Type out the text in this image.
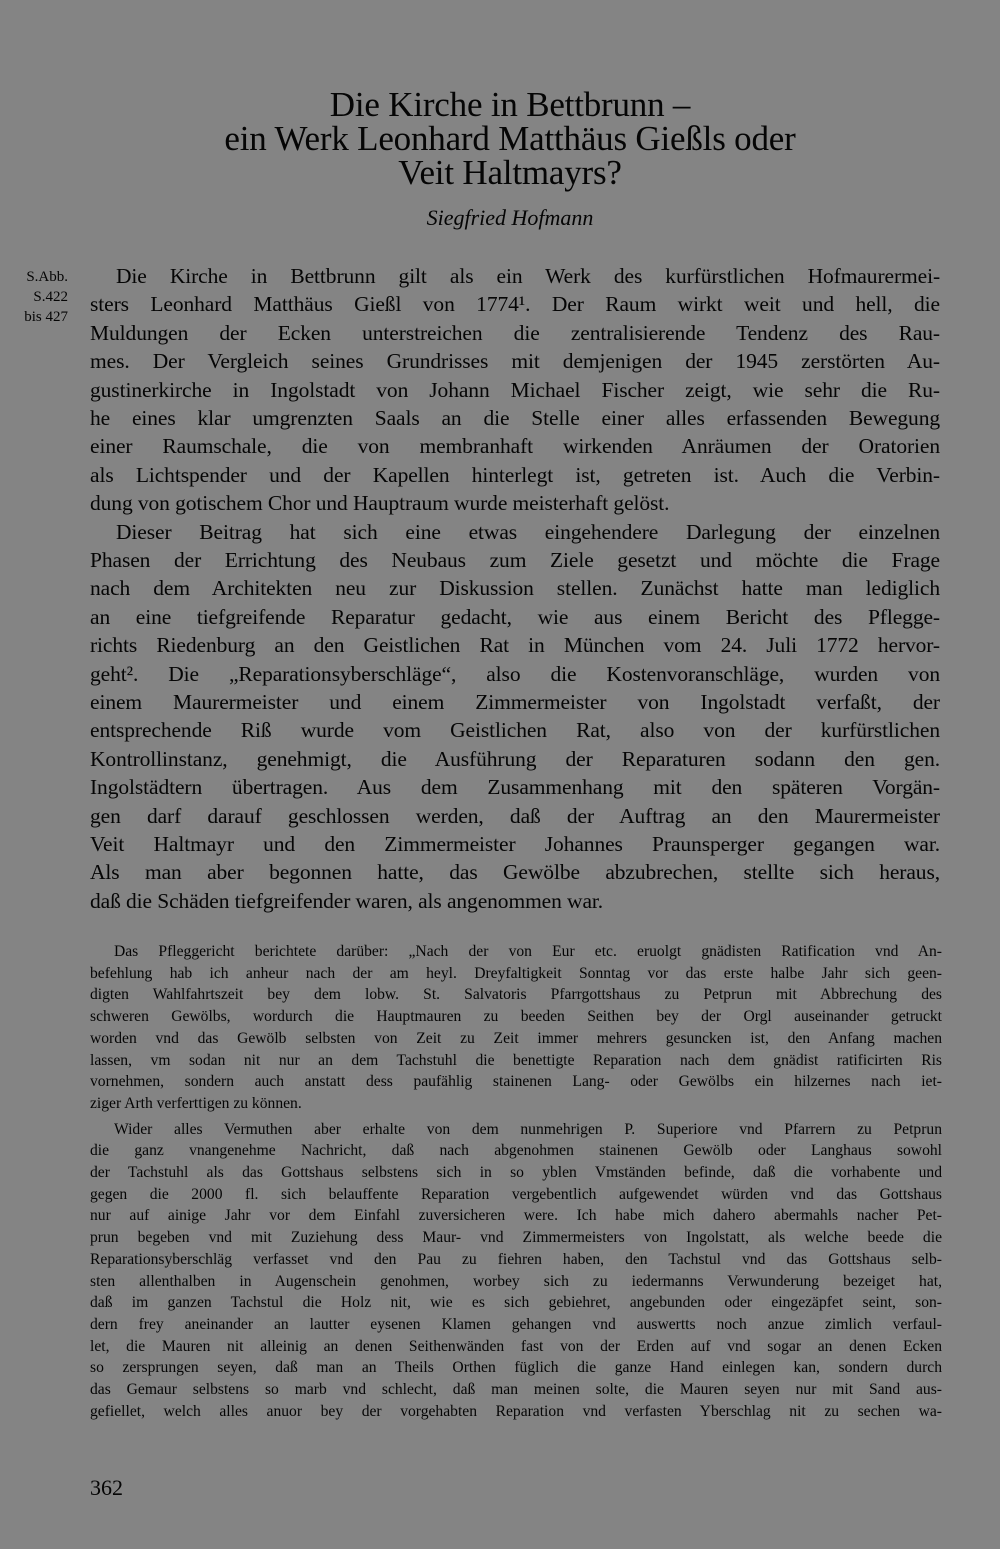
Die Kirche in Bettbrunn –
ein Werk Leonhard Matthäus Gießls oder
Veit Haltmayrs?
Siegfried Hofmann
S.Abb.
S.422
bis 427
Die Kirche in Bettbrunn gilt als ein Werk des kurfürstlichen Hofmaurermei-
sters Leonhard Matthäus Gießl von 1774¹. Der Raum wirkt weit und hell, die
Muldungen der Ecken unterstreichen die zentralisierende Tendenz des Rau-
mes. Der Vergleich seines Grundrisses mit demjenigen der 1945 zerstörten Au-
gustinerkirche in Ingolstadt von Johann Michael Fischer zeigt, wie sehr die Ru-
he eines klar umgrenzten Saals an die Stelle einer alles erfassenden Bewegung
einer Raumschale, die von membranhaft wirkenden Anräumen der Oratorien
als Lichtspender und der Kapellen hinterlegt ist, getreten ist. Auch die Verbin-
dung von gotischem Chor und Hauptraum wurde meisterhaft gelöst.
Dieser Beitrag hat sich eine etwas eingehendere Darlegung der einzelnen
Phasen der Errichtung des Neubaus zum Ziele gesetzt und möchte die Frage
nach dem Architekten neu zur Diskussion stellen. Zunächst hatte man lediglich
an eine tiefgreifende Reparatur gedacht, wie aus einem Bericht des Pflegge-
richts Riedenburg an den Geistlichen Rat in München vom 24. Juli 1772 hervor-
geht². Die „Reparationsyberschläge“, also die Kostenvoranschläge, wurden von
einem Maurermeister und einem Zimmermeister von Ingolstadt verfaßt, der
entsprechende Riß wurde vom Geistlichen Rat, also von der kurfürstlichen
Kontrollinstanz, genehmigt, die Ausführung der Reparaturen sodann den gen.
Ingolstädtern übertragen. Aus dem Zusammenhang mit den späteren Vorgän-
gen darf darauf geschlossen werden, daß der Auftrag an den Maurermeister
Veit Haltmayr und den Zimmermeister Johannes Praunsperger gegangen war.
Als man aber begonnen hatte, das Gewölbe abzubrechen, stellte sich heraus,
daß die Schäden tiefgreifender waren, als angenommen war.
Das Pfleggericht berichtete darüber: „Nach der von Eur etc. eruolgt gnädisten Ratification vnd An-
befehlung hab ich anheur nach der am heyl. Dreyfaltigkeit Sonntag vor das erste halbe Jahr sich geen-
digten Wahlfahrtszeit bey dem lobw. St. Salvatoris Pfarrgottshaus zu Petprun mit Abbrechung des
schweren Gewölbs, wordurch die Hauptmauren zu beeden Seithen bey der Orgl auseinander getruckt
worden vnd das Gewölb selbsten von Zeit zu Zeit immer mehrers gesuncken ist, den Anfang machen
lassen, vm sodan nit nur an dem Tachstuhl die benettigte Reparation nach dem gnädist ratificirten Ris
vornehmen, sondern auch anstatt dess paufählig stainenen Lang- oder Gewölbs ein hilzernes nach iet-
ziger Arth verferttigen zu können.
Wider alles Vermuthen aber erhalte von dem nunmehrigen P. Superiore vnd Pfarrern zu Petprun
die ganz vnangenehme Nachricht, daß nach abgenohmen stainenen Gewölb oder Langhaus sowohl
der Tachstuhl als das Gottshaus selbstens sich in so yblen Vmständen befinde, daß die vorhabente und
gegen die 2000 fl. sich belauffente Reparation vergebentlich aufgewendet würden vnd das Gottshaus
nur auf ainige Jahr vor dem Einfahl zuversicheren were. Ich habe mich dahero abermahls nacher Pet-
prun begeben vnd mit Zuziehung dess Maur- vnd Zimmermeisters von Ingolstatt, als welche beede die
Reparationsyberschläg verfasset vnd den Pau zu fiehren haben, den Tachstul vnd das Gottshaus selb-
sten allenthalben in Augenschein genohmen, worbey sich zu iedermanns Verwunderung bezeiget hat,
daß im ganzen Tachstul die Holz nit, wie es sich gebiehret, angebunden oder eingezäpfet seint, son-
dern frey aneinander an lautter eysenen Klamen gehangen vnd auswertts noch anzue zimlich verfaul-
let, die Mauren nit alleinig an denen Seithenwänden fast von der Erden auf vnd sogar an denen Ecken
so zersprungen seyen, daß man an Theils Orthen füglich die ganze Hand einlegen kan, sondern durch
das Gemaur selbstens so marb vnd schlecht, daß man meinen solte, die Mauren seyen nur mit Sand aus-
gefiellet, welch alles anuor bey der vorgehabten Reparation vnd verfasten Yberschlag nit zu sechen wa-
362
